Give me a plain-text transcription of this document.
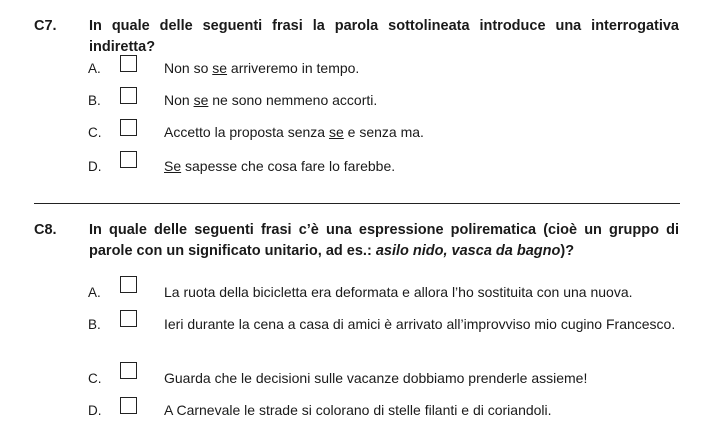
C7. In quale delle seguenti frasi la parola sottolineata introduce una interrogativa indiretta?
A.	Non so se arriveremo in tempo.
B.	Non se ne sono nemmeno accorti.
C.	Accetto la proposta senza se e senza ma.
D.	Se sapesse che cosa fare lo farebbe.
C8. In quale delle seguenti frasi c’è una espressione polirematica (cioè un gruppo di parole con un significato unitario, ad es.: asilo nido, vasca da bagno)?
A.	La ruota della bicicletta era deformata e allora l’ho sostituita con una nuova.
B.	Ieri durante la cena a casa di amici è arrivato all’improvviso mio cugino Francesco.
C.	Guarda che le decisioni sulle vacanze dobbiamo prenderle assieme!
D.	A Carnevale le strade si colorano di stelle filanti e di coriandoli.
